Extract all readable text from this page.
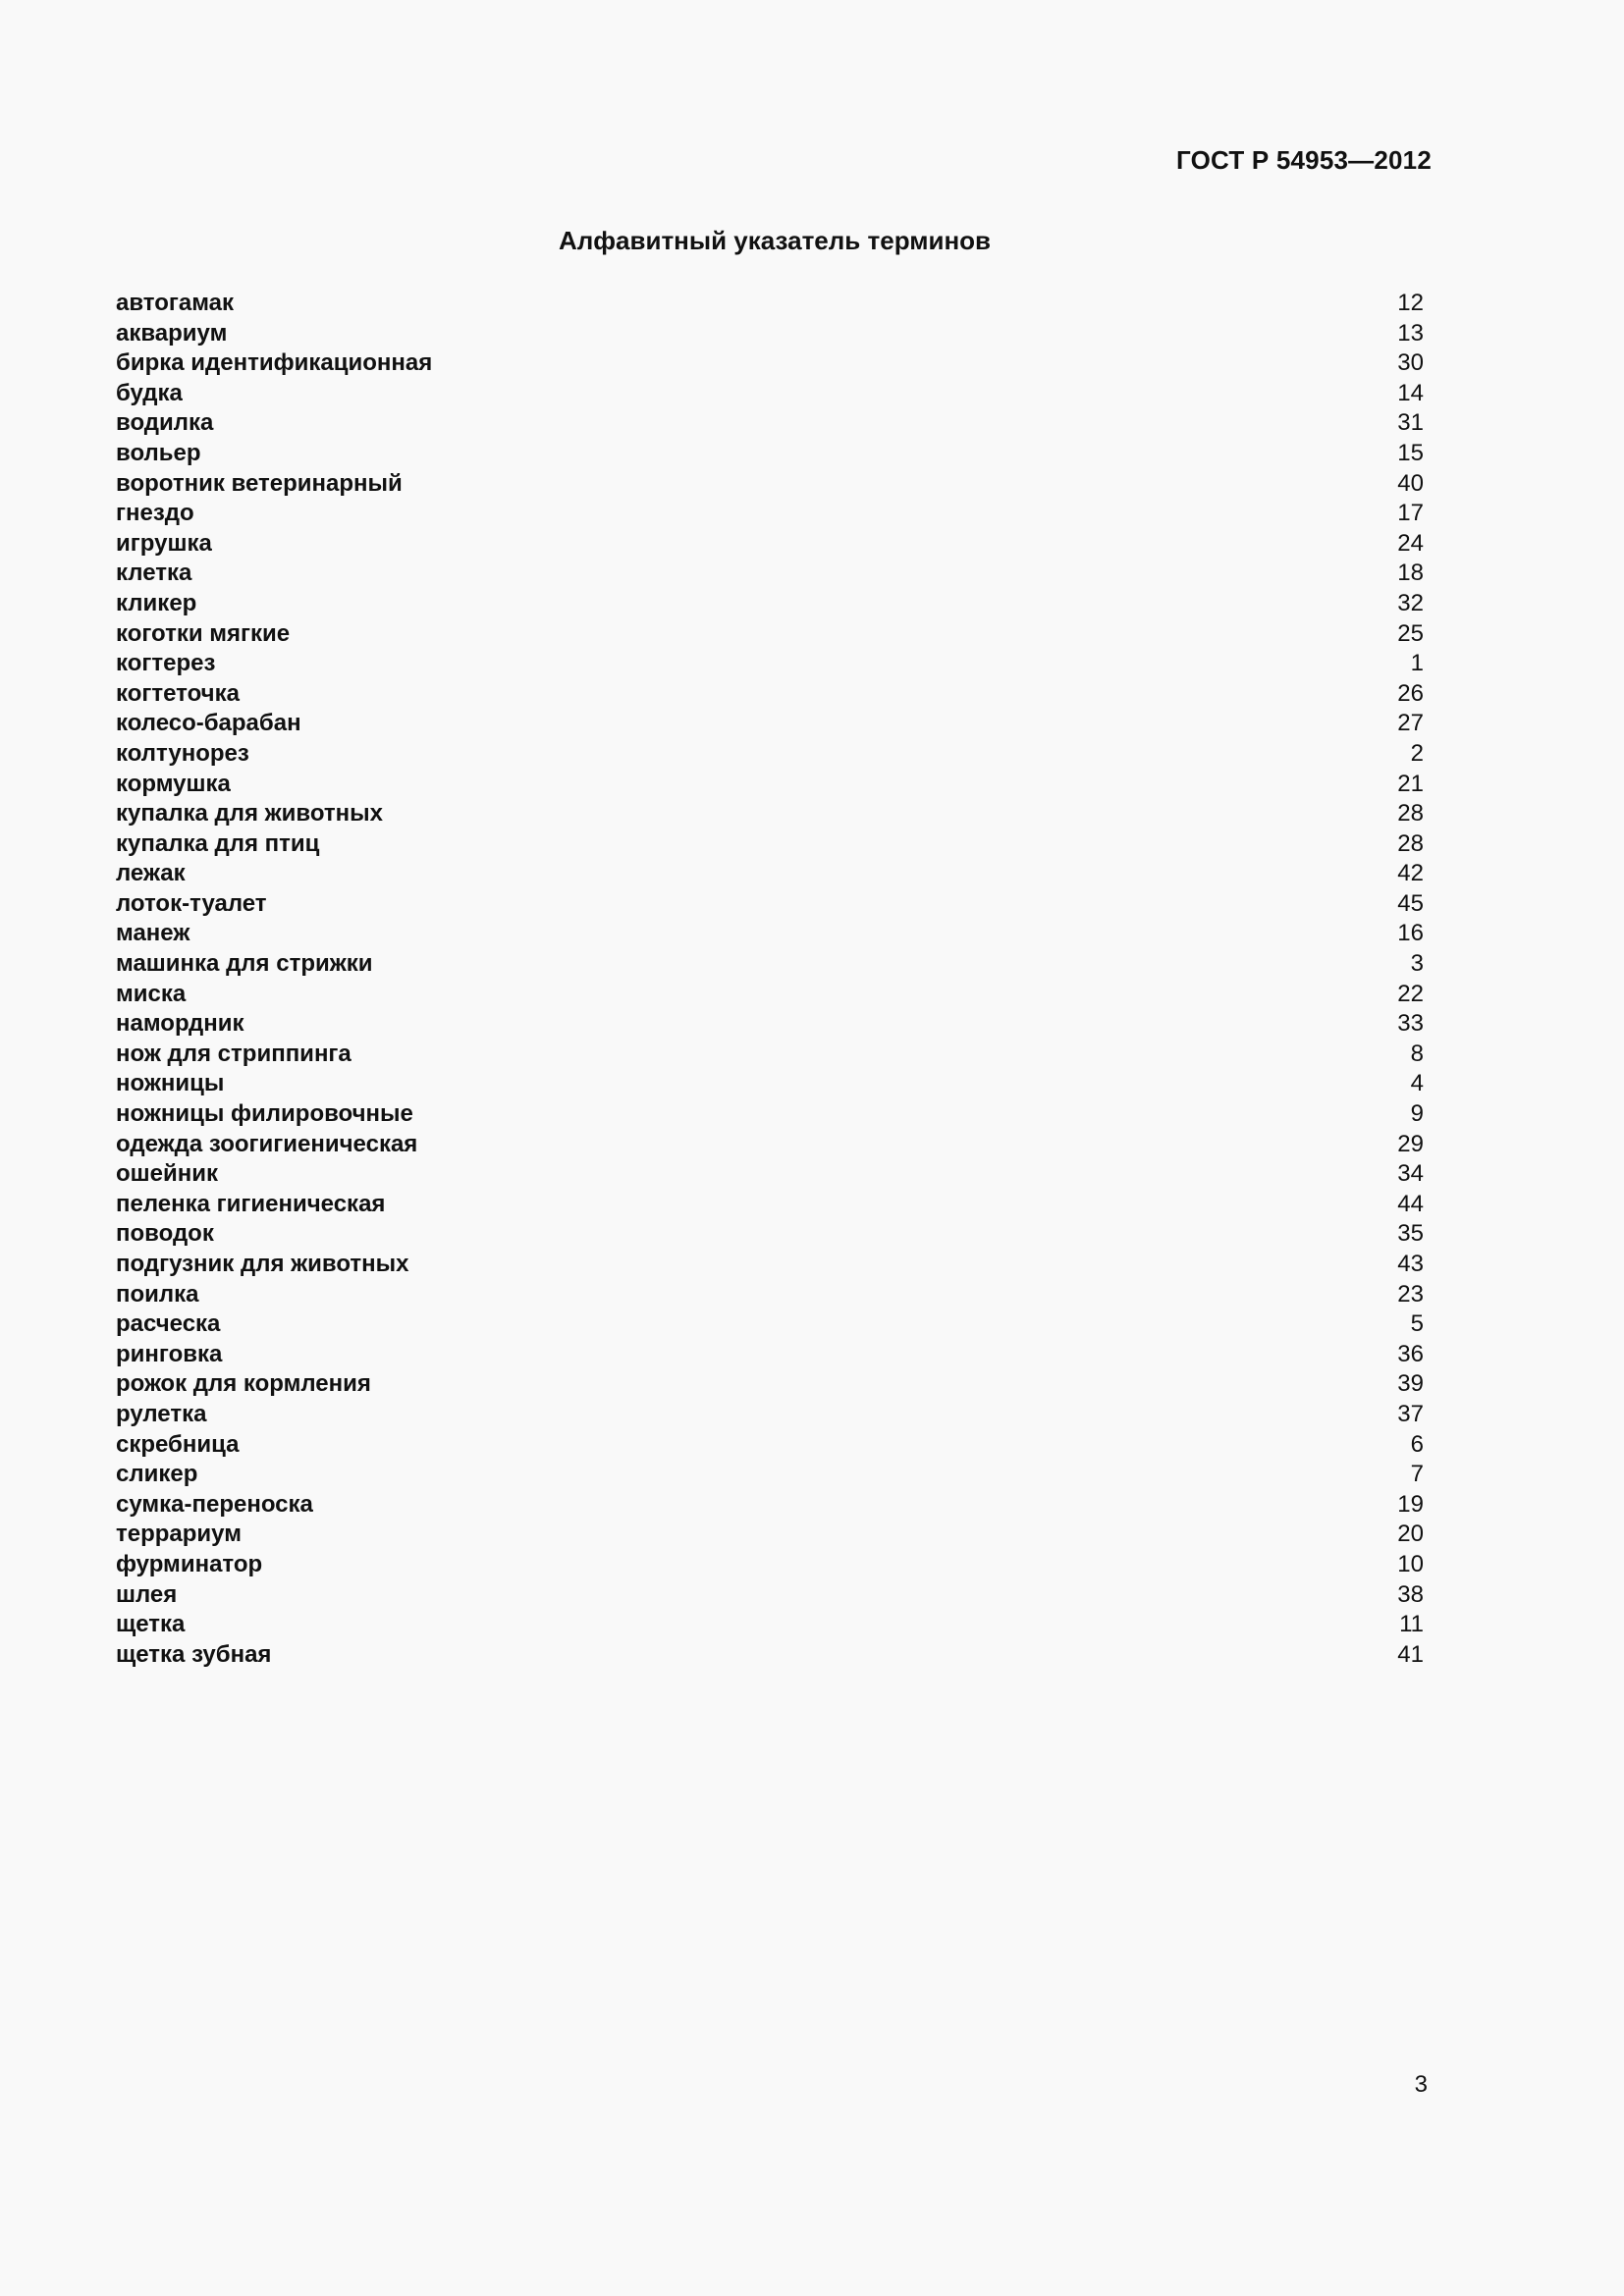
ГОСТ Р 54953—2012
Алфавитный указатель терминов
автогамак	12
аквариум	13
бирка идентификационная	30
будка	14
водилка	31
вольер	15
воротник ветеринарный	40
гнездо	17
игрушка	24
клетка	18
кликер	32
коготки мягкие	25
когтерез	1
когтеточка	26
колесо-барабан	27
колтунорез	2
кормушка	21
купалка для животных	28
купалка для птиц	28
лежак	42
лоток-туалет	45
манеж	16
машинка для стрижки	3
миска	22
намордник	33
нож для стриппинга	8
ножницы	4
ножницы филировочные	9
одежда зоогигиеническая	29
ошейник	34
пеленка гигиеническая	44
поводок	35
подгузник для животных	43
поилка	23
расческа	5
ринговка	36
рожок для кормления	39
рулетка	37
скребница	6
сликер	7
сумка-переноска	19
террариум	20
фурминатор	10
шлея	38
щетка	11
щетка зубная	41
3
